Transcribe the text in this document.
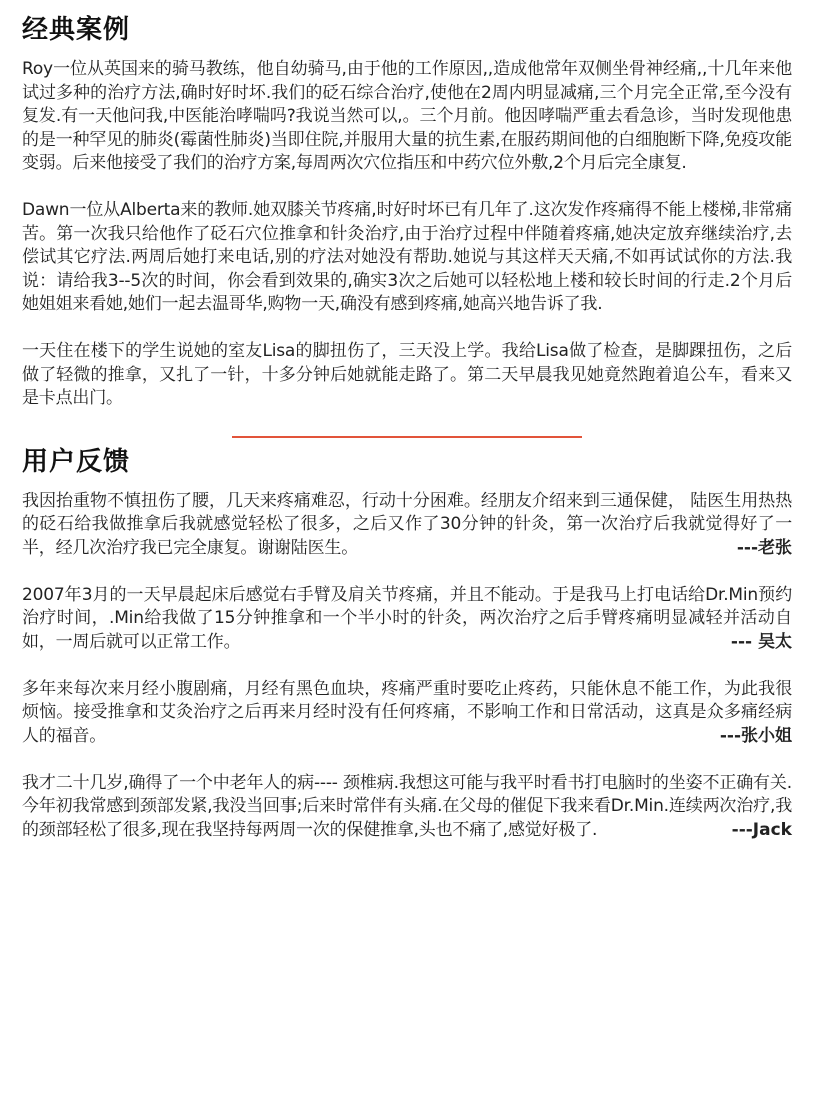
经典案例

Roy一位从英国来的骑马教练，他自幼骑马,由于他的工作原因,,造成他常年双侧坐骨神经痛,,十几年来他试过多种的治疗方法,确时好时坏.我们的砭石综合治疗,使他在2周内明显减痛,三个月完全正常,至今没有复发.有一天他问我,中医能治哮喘吗?我说当然可以,。三个月前。他因哮喘严重去看急诊，当时发现他患的是一种罕见的肺炎(霉菌性肺炎)当即住院,并服用大量的抗生素,在服药期间他的白细胞断下降,免疫攻能变弱。后来他接受了我们的治疗方案,每周两次穴位指压和中药穴位外敷,2个月后完全康复.

Dawn一位从Alberta来的教师.她双膝关节疼痛,时好时坏已有几年了.这次发作疼痛得不能上楼梯,非常痛苦。第一次我只给他作了砭石穴位推拿和针灸治疗,由于治疗过程中伴随着疼痛,她决定放弃继续治疗,去偿试其它疗法.两周后她打来电话,别的疗法对她没有帮助.她说与其这样天天痛,不如再试试你的方法.我说：请给我3--5次的时间，你会看到效果的,确实3次之后她可以轻松地上楼和较长时间的行走.2个月后她姐姐来看她,她们一起去温哥华,购物一天,确没有感到疼痛,她高兴地告诉了我.

一天住在楼下的学生说她的室友Lisa的脚扭伤了，三天没上学。我给Lisa做了检查，是脚踝扭伤，之后做了轻微的推拿，又扎了一针，十多分钟后她就能走路了。第二天早晨我见她竟然跑着追公车，看来又是卡点出门。

用户反馈

我因抬重物不慎扭伤了腰，几天来疼痛难忍，行动十分困难。经朋友介绍来到三通保健， 陆医生用热热的砭石给我做推拿后我就感觉轻松了很多，之后又作了30分钟的针灸，第一次治疗后我就觉得好了一半，经几次治疗我已完全康复。谢谢陆医生。	---老张

2007年3月的一天早晨起床后感觉右手臂及肩关节疼痛，并且不能动。于是我马上打电话给Dr.Min预约治疗时间，.Min给我做了15分钟推拿和一个半小时的针灸，两次治疗之后手臂疼痛明显减轻并活动自如，一周后就可以正常工作。	--- 吴太

多年来每次来月经小腹剧痛，月经有黑色血块，疼痛严重时要吃止疼药，只能休息不能工作，为此我很烦恼。接受推拿和艾灸治疗之后再来月经时没有任何疼痛，不影响工作和日常活动，这真是众多痛经病人的福音。	---张小姐

我才二十几岁,确得了一个中老年人的病---- 颈椎病.我想这可能与我平时看书打电脑时的坐姿不正确有关.今年初我常感到颈部发紧,我没当回事;后来时常伴有头痛.在父母的催促下我来看Dr.Min.连续两次治疗,我的颈部轻松了很多,现在我坚持每两周一次的保健推拿,头也不痛了,感觉好极了.	---Jack
